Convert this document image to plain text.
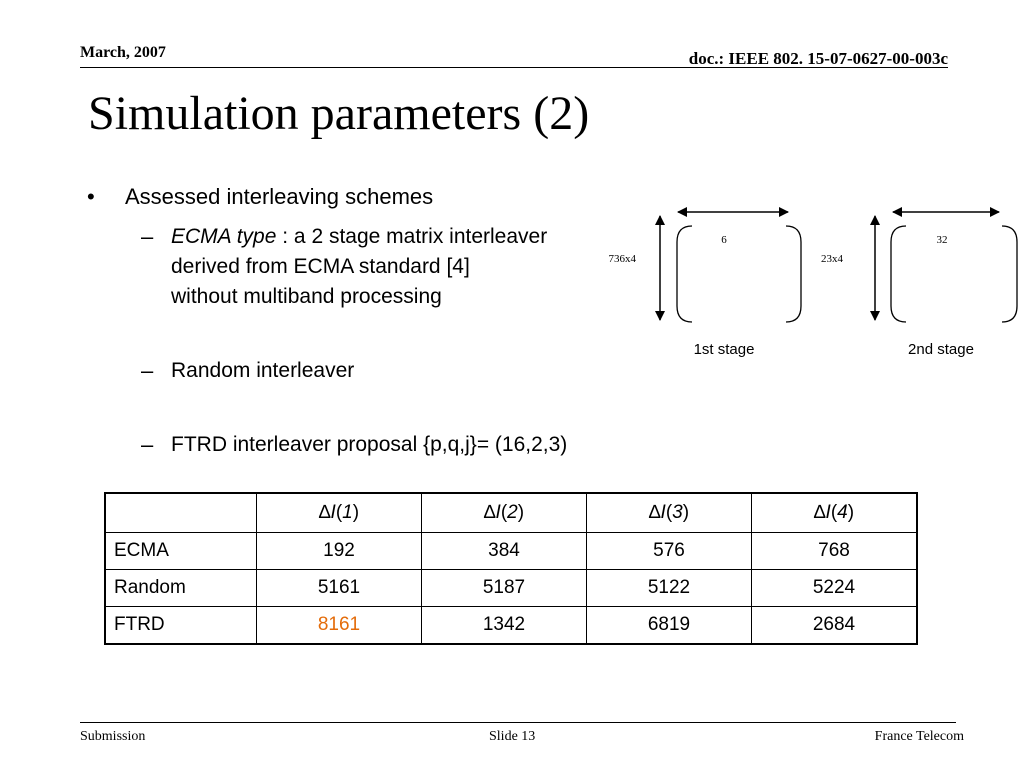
March, 2007	doc.: IEEE 802. 15-07-0627-00-003c
Simulation parameters (2)
• Assessed interleaving schemes
– ECMA type : a 2 stage matrix interleaver
derived from ECMA standard [4]
without multiband processing
– Random interleaver
– FTRD interleaver proposal {p,q,j}= (16,2,3)
6
736x4
1st stage
32
23x4
2nd stage
	∆I(1)	∆I(2)	∆I(3)	∆I(4)
ECMA	192	384	576	768
Random	5161	5187	5122	5224
FTRD	8161	1342	6819	2684
Submission	Slide 13	France Telecom
